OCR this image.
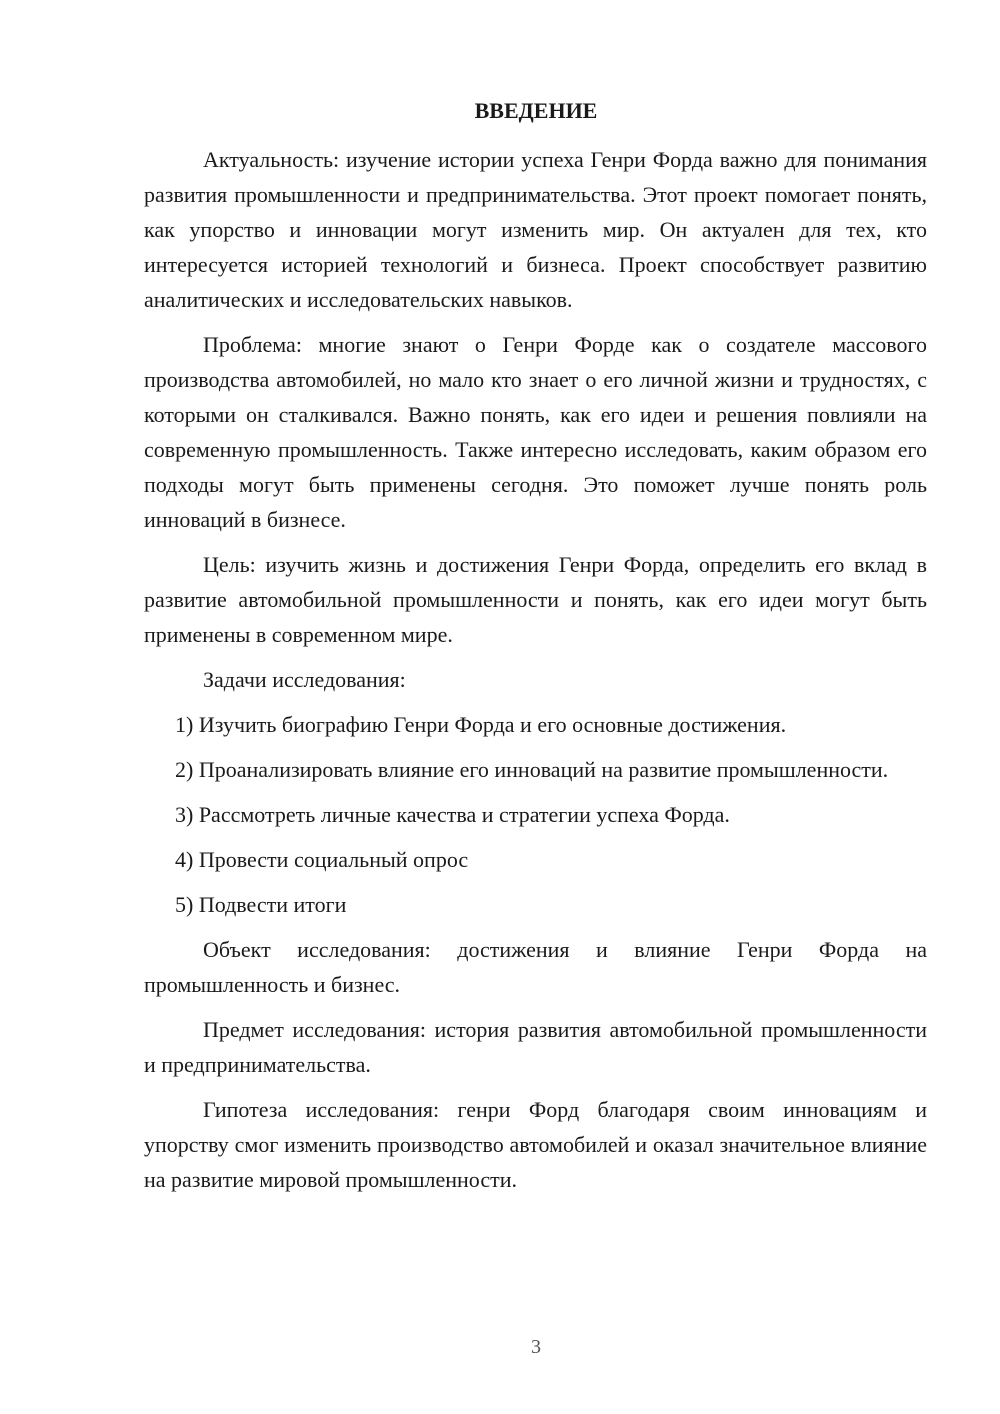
ВВЕДЕНИЕ

Актуальность: изучение истории успеха Генри Форда важно для понимания развития промышленности и предпринимательства. Этот проект помогает понять, как упорство и инновации могут изменить мир. Он актуален для тех, кто интересуется историей технологий и бизнеса. Проект способствует развитию аналитических и исследовательских навыков.

Проблема: многие знают о Генри Форде как о создателе массового производства автомобилей, но мало кто знает о его личной жизни и трудностях, с которыми он сталкивался. Важно понять, как его идеи и решения повлияли на современную промышленность. Также интересно исследовать, каким образом его подходы могут быть применены сегодня. Это поможет лучше понять роль инноваций в бизнесе.

Цель: изучить жизнь и достижения Генри Форда, определить его вклад в развитие автомобильной промышленности и понять, как его идеи могут быть применены в современном мире.

Задачи исследования:

1) Изучить биографию Генри Форда и его основные достижения.

2) Проанализировать влияние его инноваций на развитие промышленности.

3) Рассмотреть личные качества и стратегии успеха Форда.

4) Провести социальный опрос

5) Подвести итоги

Объект исследования: достижения и влияние Генри Форда на промышленность и бизнес.

Предмет исследования: история развития автомобильной промышленности и предпринимательства.

Гипотеза исследования: генри Форд благодаря своим инновациям и упорству смог изменить производство автомобилей и оказал значительное влияние на развитие мировой промышленности.

3
